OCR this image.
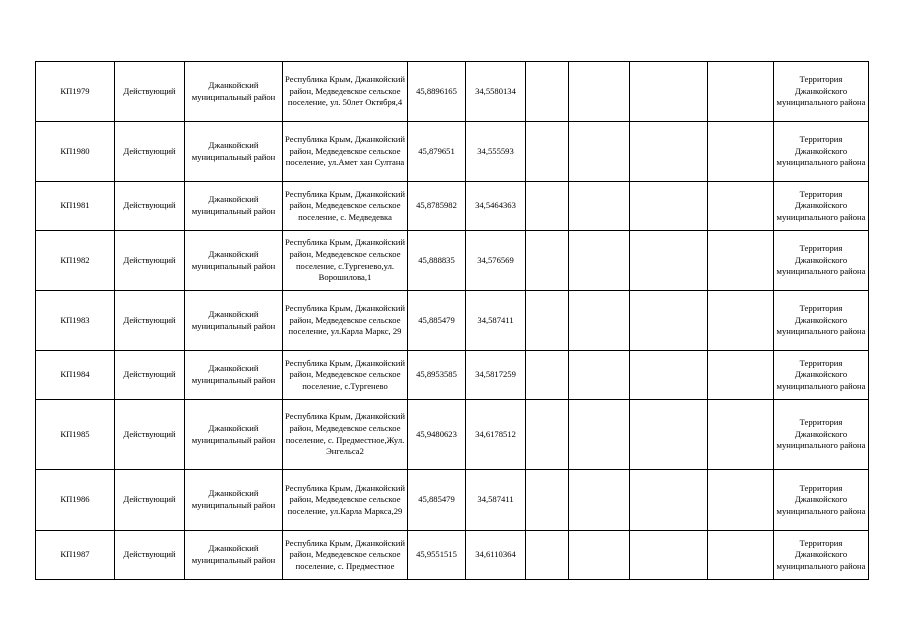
КП1979	Действующий	Джанкойский муниципальный район	Республика Крым, Джанкойский район, Медведевское сельское поселение, ул. 50лет Октября,4	45,8896165	34,5580134					Территория Джанкойского муниципального района
КП1980	Действующий	Джанкойский муниципальный район	Республика Крым, Джанкойский район, Медведевское сельское поселение, ул.Амет хан Султана	45,879651	34,555593					Территория Джанкойского муниципального района
КП1981	Действующий	Джанкойский муниципальный район	Республика Крым, Джанкойский район, Медведевское сельское поселение, с. Медведевка	45,8785982	34,5464363					Территория Джанкойского муниципального района
КП1982	Действующий	Джанкойский муниципальный район	Республика Крым, Джанкойский район, Медведевское сельское поселение, с.Тургенево,ул. Ворошилова,1	45,888835	34,576569					Территория Джанкойского муниципального района
КП1983	Действующий	Джанкойский муниципальный район	Республика Крым, Джанкойский район, Медведевское сельское поселение, ул.Карла Маркс, 29	45,885479	34,587411					Территория Джанкойского муниципального района
КП1984	Действующий	Джанкойский муниципальный район	Республика Крым, Джанкойский район, Медведевское сельское поселение, с.Тургенево	45,8953585	34,5817259					Территория Джанкойского муниципального района
КП1985	Действующий	Джанкойский муниципальный район	Республика Крым, Джанкойский район, Медведевское сельское поселение, с. Предместное,Жул. Энгельса2	45,9480623	34,6178512					Территория Джанкойского муниципального района
КП1986	Действующий	Джанкойский муниципальный район	Республика Крым, Джанкойский район, Медведевское сельское поселение, ул.Карла Маркса,29	45,885479	34,587411					Территория Джанкойского муниципального района
КП1987	Действующий	Джанкойский муниципальный район	Республика Крым, Джанкойский район, Медведевское сельское поселение, с. Предместное	45,9551515	34,6110364					Территория Джанкойского муниципального района
